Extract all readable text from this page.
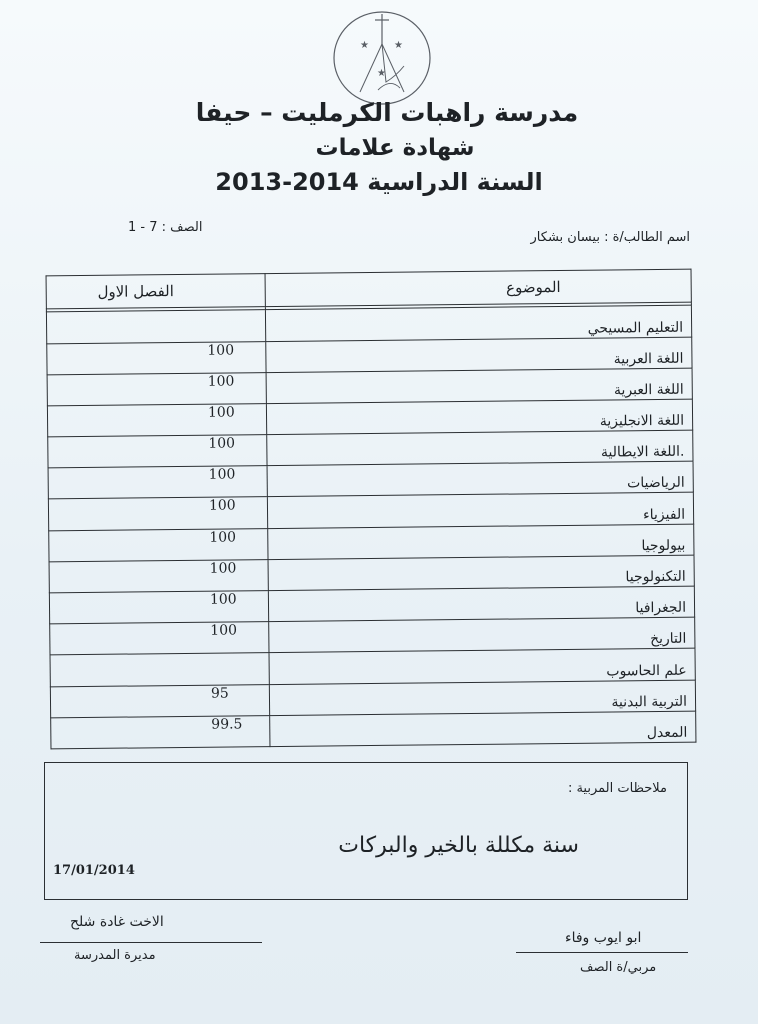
★	★
★
مدرسة راهبات الكرمليت – حيفا
شهادة علامات
السنة الدراسية 2014-2013
اسم الطالب/ة : بيسان بشكار
الصف : 7 - 1
الموضوع	الفصل الاول

التعليم المسيحي	
اللغة العربية	100
اللغة العبرية	100
اللغة الانجليزية	100
.اللغة الايطالية	100
الرياضيات	100
الفيزياء	100
بيولوجيا	100
التكنولوجيا	100
الجغرافيا	100
التاريخ	100
علم الحاسوب	
التربية البدنية	95
المعدل	99.5
ملاحظات المربية :
سنة مكللة بالخير والبركات
17/01/2014
الاخت غادة شلح
مديرة المدرسة
ابو ايوب وفاء
مربي/ة الصف
